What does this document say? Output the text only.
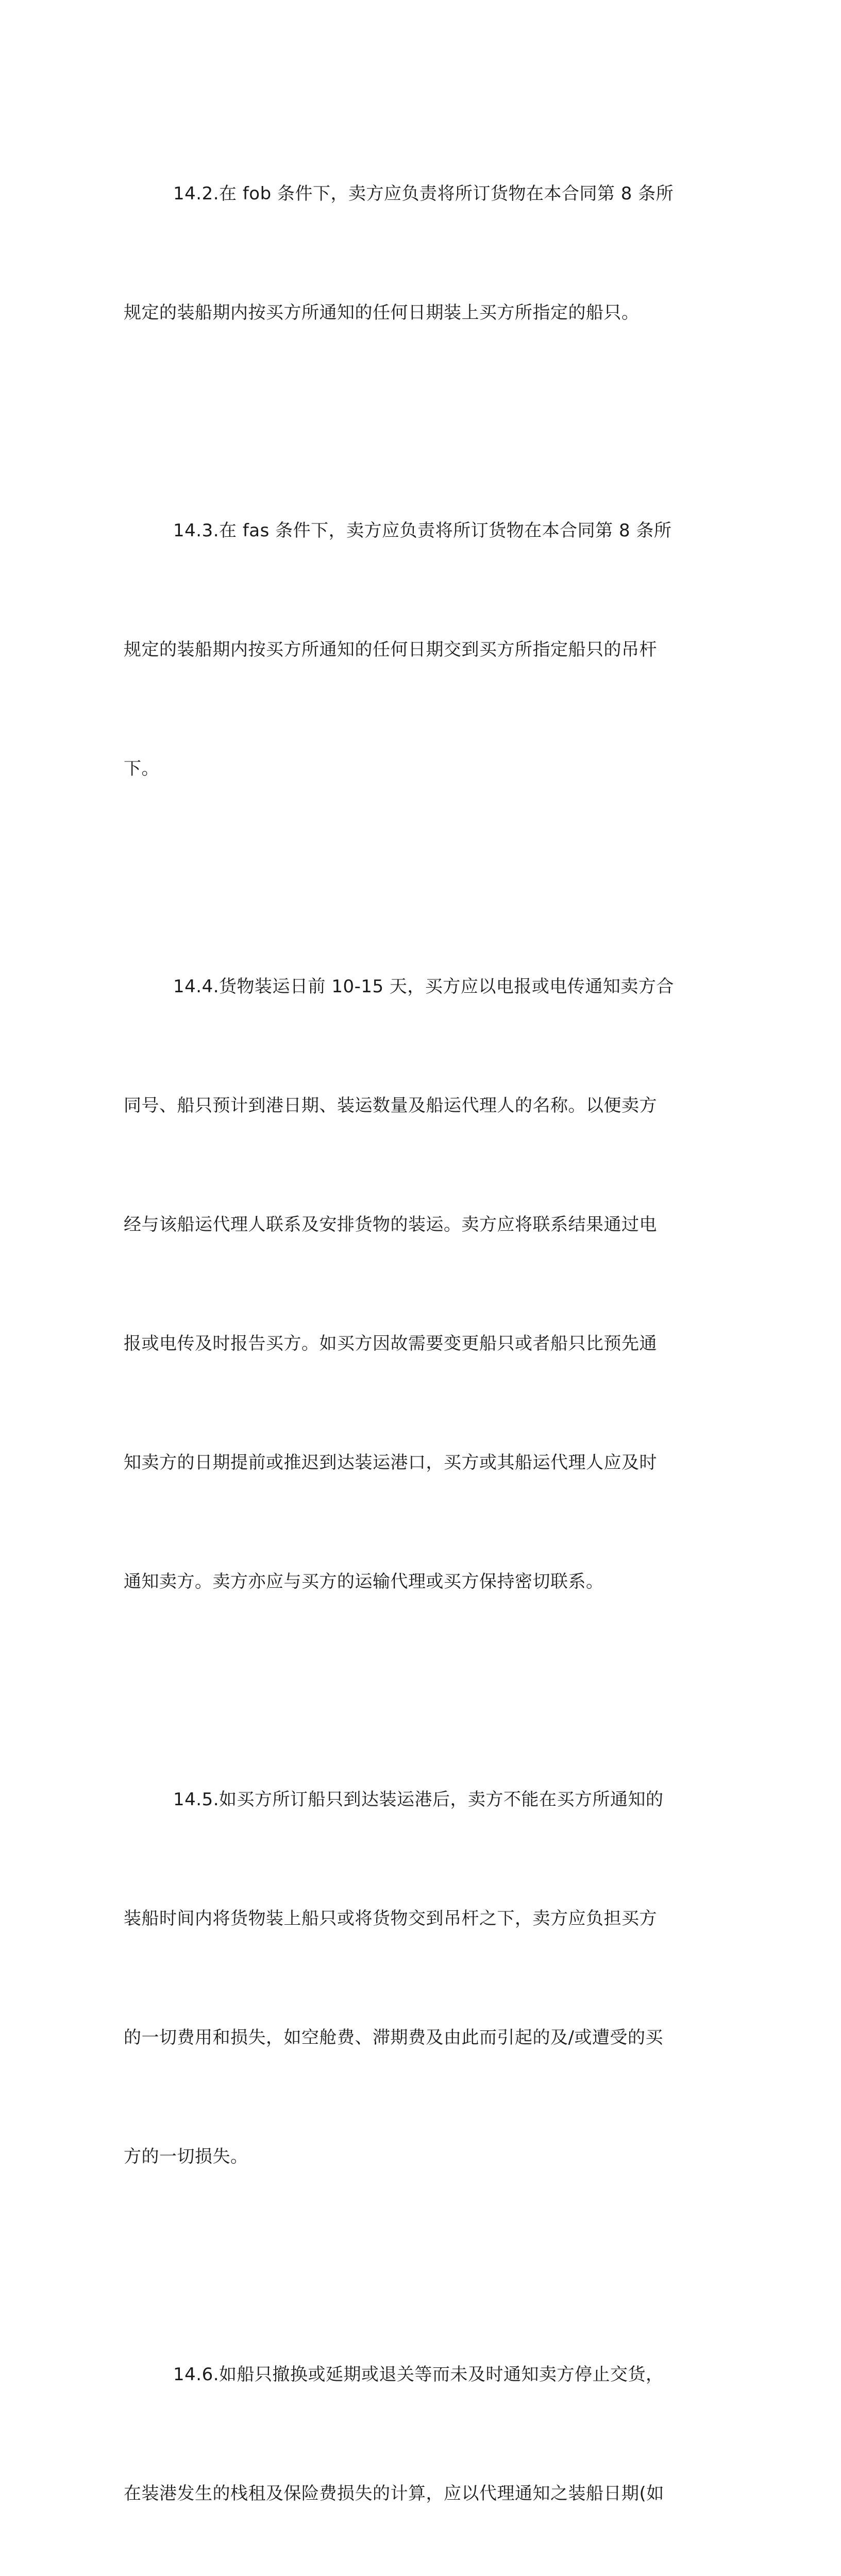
14.2.在 fob 条件下，卖方应负责将所订货物在本合同第 8 条所

规定的装船期内按买方所通知的任何日期装上买方所指定的船只。

14.3.在 fas 条件下，卖方应负责将所订货物在本合同第 8 条所

规定的装船期内按买方所通知的任何日期交到买方所指定船只的吊杆

下。

14.4.货物装运日前 10-15 天，买方应以电报或电传通知卖方合

同号、船只预计到港日期、装运数量及船运代理人的名称。以便卖方

经与该船运代理人联系及安排货物的装运。卖方应将联系结果通过电

报或电传及时报告买方。如买方因故需要变更船只或者船只比预先通

知卖方的日期提前或推迟到达装运港口，买方或其船运代理人应及时

通知卖方。卖方亦应与买方的运输代理或买方保持密切联系。

14.5.如买方所订船只到达装运港后，卖方不能在买方所通知的

装船时间内将货物装上船只或将货物交到吊杆之下，卖方应负担买方

的一切费用和损失，如空舱费、滞期费及由此而引起的及/或遭受的买

方的一切损失。

14.6.如船只撤换或延期或退关等而未及时通知卖方停止交货，

在装港发生的栈租及保险费损失的计算，应以代理通知之装船日期(如
